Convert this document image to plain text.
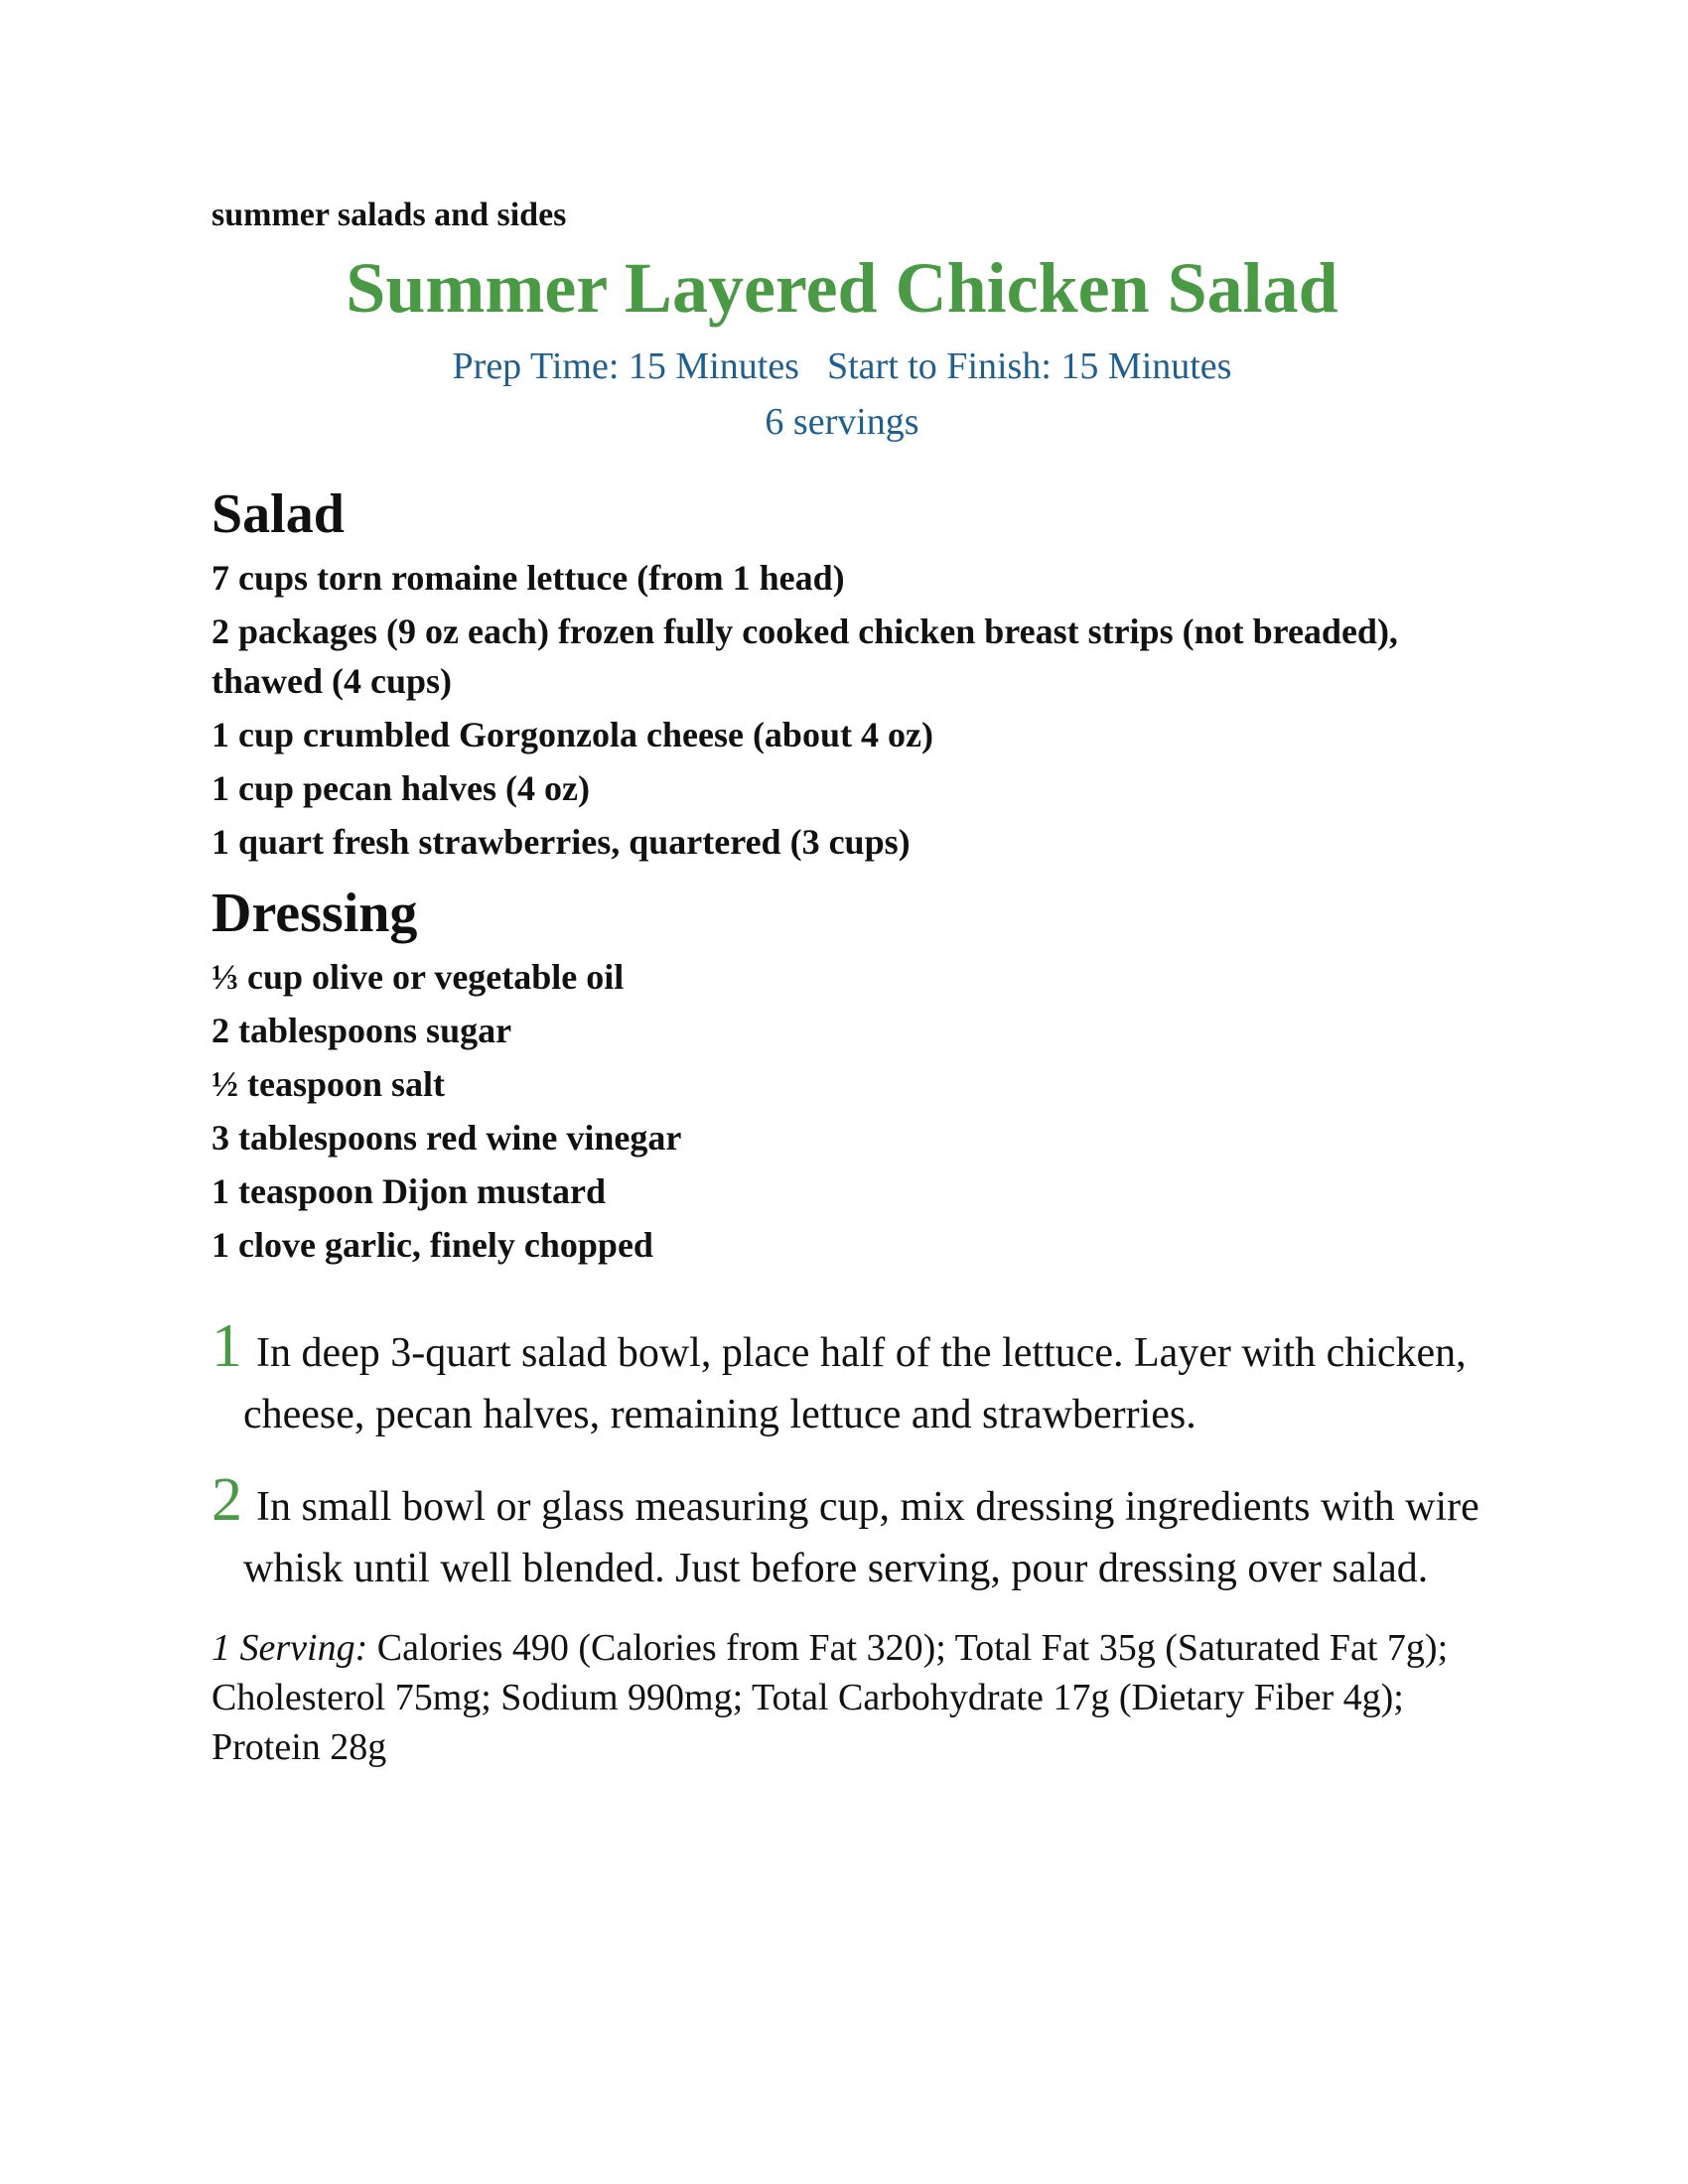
summer salads and sides

Summer Layered Chicken Salad
Prep Time: 15 Minutes Start to Finish: 15 Minutes
6 servings
Salad
7 cups torn romaine lettuce (from 1 head)
2 packages (9 oz each) frozen fully cooked chicken breast strips (not breaded), thawed (4 cups)
1 cup crumbled Gorgonzola cheese (about 4 oz)
1 cup pecan halves (4 oz)
1 quart fresh strawberries, quartered (3 cups)
Dressing
⅓ cup olive or vegetable oil
2 tablespoons sugar
½ teaspoon salt
3 tablespoons red wine vinegar
1 teaspoon Dijon mustard
1 clove garlic, finely chopped
1 In deep 3-quart salad bowl, place half of the lettuce. Layer with chicken, cheese, pecan halves, remaining lettuce and strawberries.
2 In small bowl or glass measuring cup, mix dressing ingredients with wire whisk until well blended. Just before serving, pour dressing over salad.

1 Serving: Calories 490 (Calories from Fat 320); Total Fat 35g (Saturated Fat 7g); Cholesterol 75mg; Sodium 990mg; Total Carbohydrate 17g (Dietary Fiber 4g); Protein 28g
